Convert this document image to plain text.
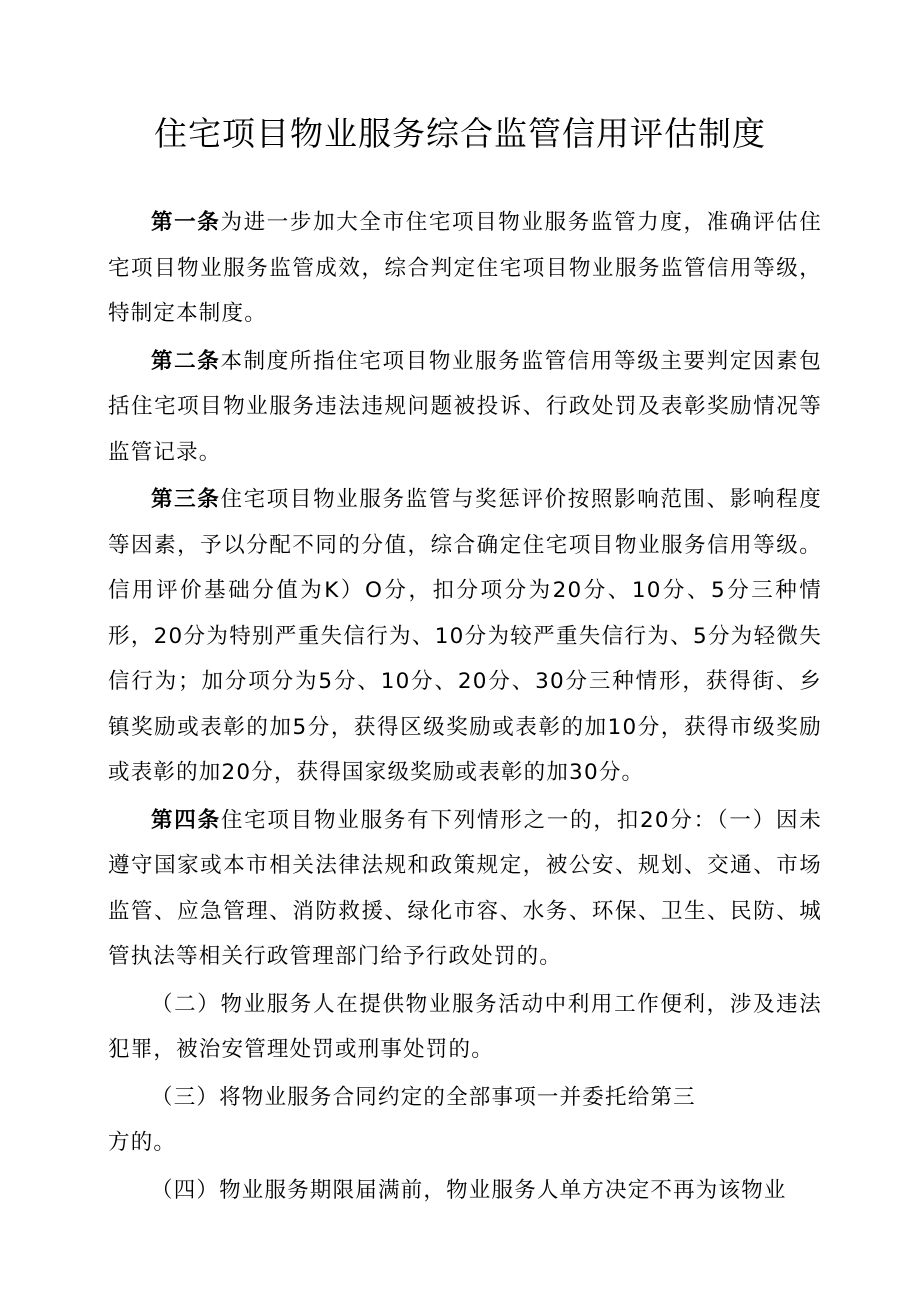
住宅项目物业服务综合监管信用评估制度

第一条为进一步加大全市住宅项目物业服务监管力度，准确评估住宅项目物业服务监管成效，综合判定住宅项目物业服务监管信用等级，特制定本制度。

第二条本制度所指住宅项目物业服务监管信用等级主要判定因素包括住宅项目物业服务违法违规问题被投诉、行政处罚及表彰奖励情况等监管记录。

第三条住宅项目物业服务监管与奖惩评价按照影响范围、影响程度等因素，予以分配不同的分值，综合确定住宅项目物业服务信用等级。信用评价基础分值为K）O分，扣分项分为20分、10分、5分三种情形，20分为特别严重失信行为、10分为较严重失信行为、5分为轻微失信行为；加分项分为5分、10分、20分、30分三种情形，获得街、乡镇奖励或表彰的加5分，获得区级奖励或表彰的加10分，获得市级奖励或表彰的加20分，获得国家级奖励或表彰的加30分。

第四条住宅项目物业服务有下列情形之一的，扣20分：（一）因未遵守国家或本市相关法律法规和政策规定，被公安、规划、交通、市场监管、应急管理、消防救援、绿化市容、水务、环保、卫生、民防、城管执法等相关行政管理部门给予行政处罚的。

（二）物业服务人在提供物业服务活动中利用工作便利，涉及违法犯罪，被治安管理处罚或刑事处罚的。

（三）将物业服务合同约定的全部事项一并委托给第三

方的。

（四）物业服务期限届满前，物业服务人单方决定不再为该物业
